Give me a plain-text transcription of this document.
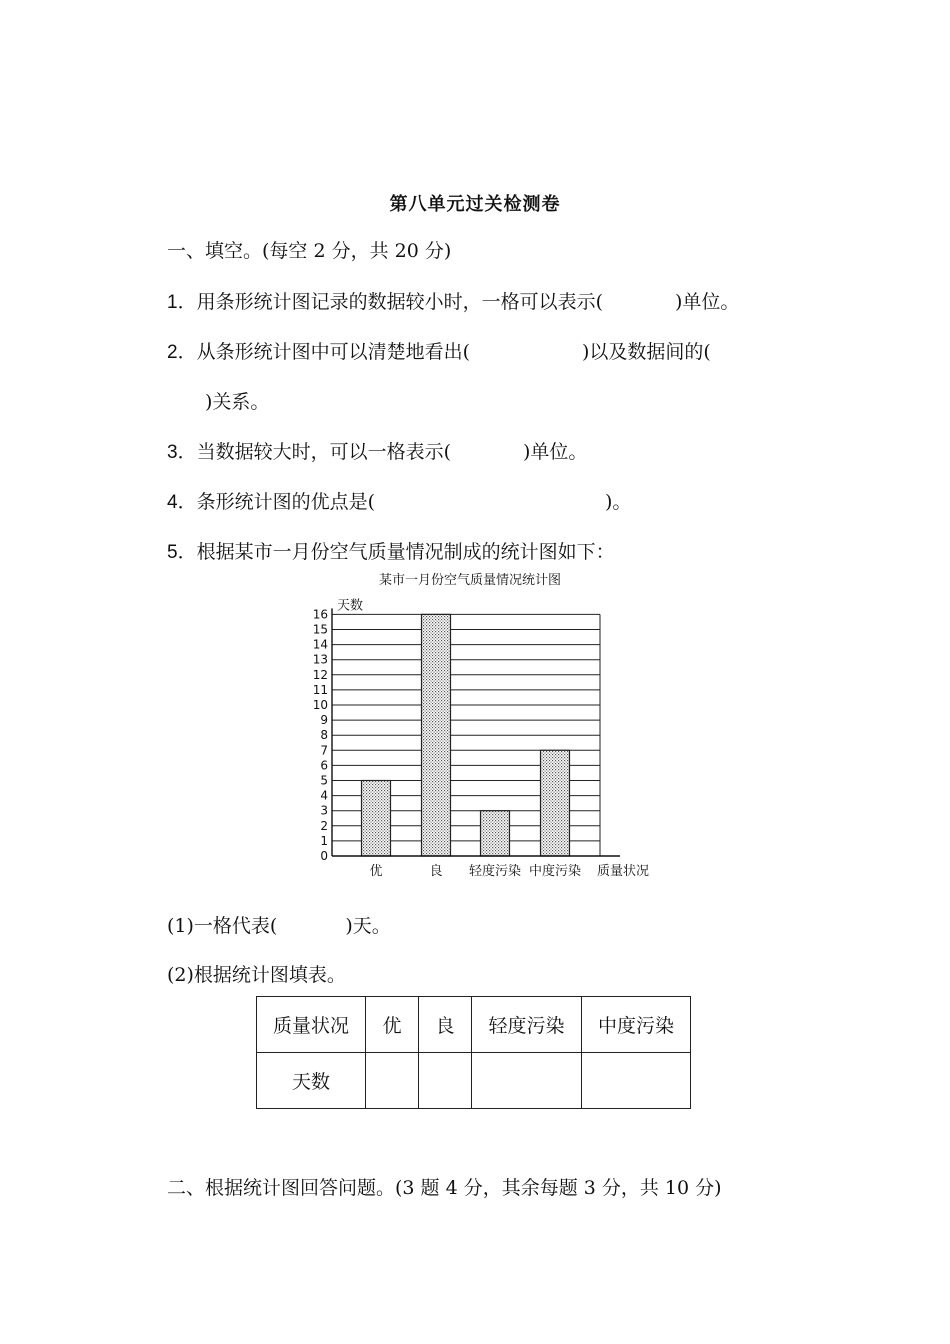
第八单元过关检测卷
一、填空。(每空 2 分，共 20 分)
1．用条形统计图记录的数据较小时，一格可以表示(	)单位。
2．从条形统计图中可以清楚地看出(	)以及数据间的(
)关系。
3．当数据较大时，可以一格表示(	)单位。
4．条形统计图的优点是(	)。
5．根据某市一月份空气质量情况制成的统计图如下：
0
1
2
3
4
5
6
7
8
9
10
11
12
13
14
15
16
优	良 轻度污染 中度污染
某市一月份空气质量情况统计图
天数
质量状况
(1)一格代表(	)天。
(2)根据统计图填表。
质量状况	优	良	轻度污染	中度污染
天数				
二、根据统计图回答问题。(3 题 4 分，其余每题 3 分，共 10 分)
